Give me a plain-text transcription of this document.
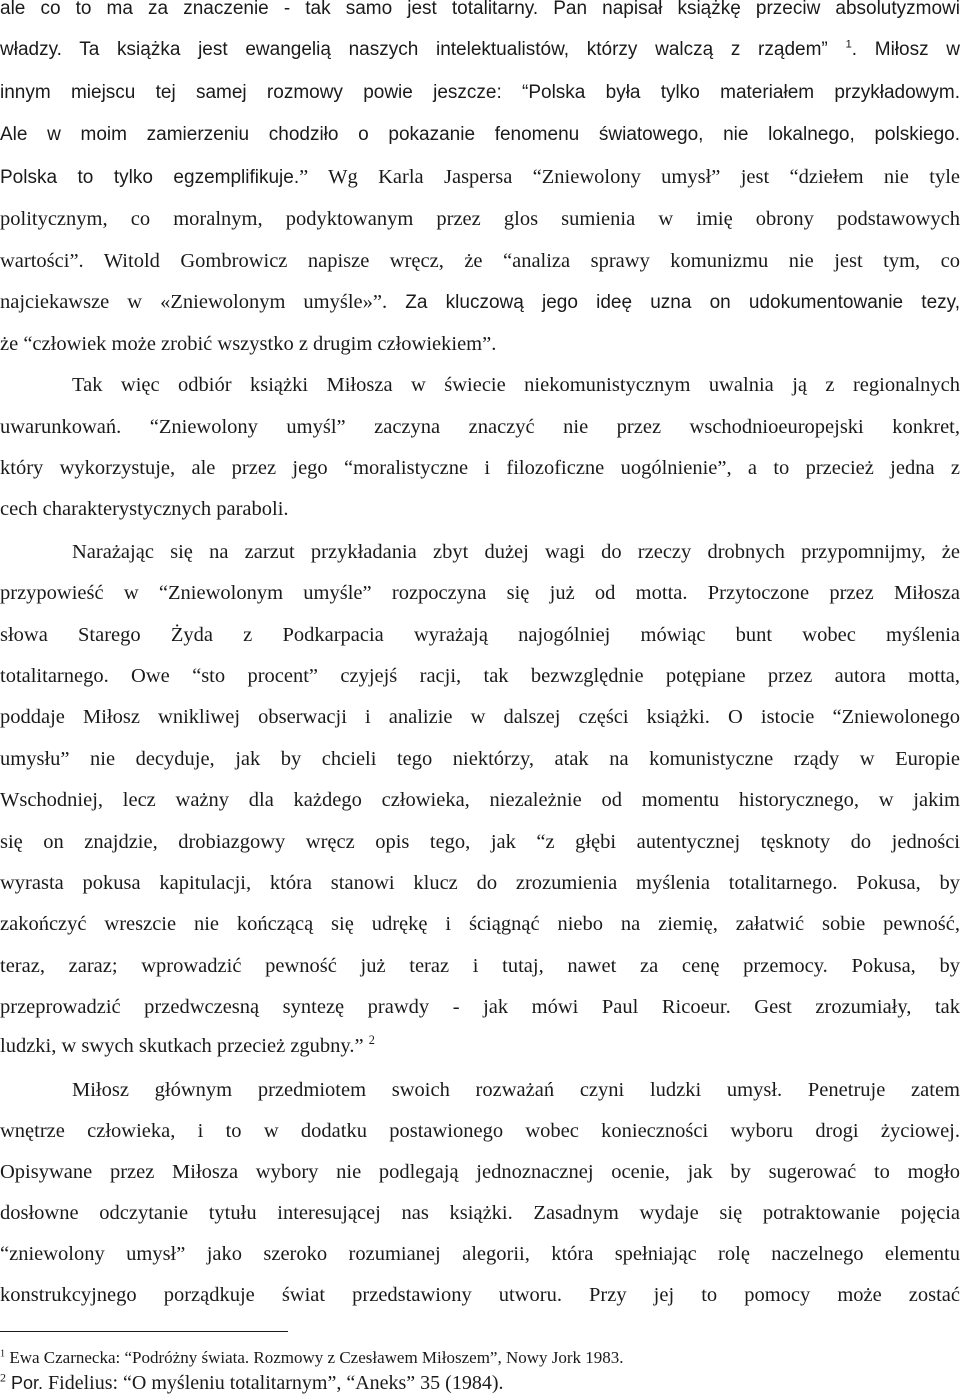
ale co to ma za znaczenie - tak samo jest totalitarny. Pan napisał książkę przeciw absolutyzmowi
władzy. Ta książka jest ewangelią naszych intelektualistów, którzy walczą z rządem” $^1$. Miłosz w
innym miejscu tej samej rozmowy powie jeszcze: “Polska była tylko materiałem przykładowym.
Ale w moim zamierzeniu chodziło o pokazanie fenomenu światowego, nie lokalnego, polskiego.
Polska to tylko egzemplifikuje.” Wg Karla Jaspersa “Zniewolony umysł” jest “dziełem nie tyle
politycznym, co moralnym, podyktowanym przez glos sumienia w imię obrony podstawowych
wartości”. Witold Gombrowicz napisze wręcz, że “analiza sprawy komunizmu nie jest tym, co
najciekawsze w «Zniewolonym umyśle»”. Za kluczową jego ideę uzna on udokumentowanie tezy,
że “człowiek może zrobić wszystko z drugim człowiekiem”.
Tak więc odbiór książki Miłosza w świecie niekomunistycznym uwalnia ją z regionalnych
uwarunkowań. “Zniewolony umyśl” zaczyna znaczyć nie przez wschodnioeuropejski konkret,
który wykorzystuje, ale przez jego “moralistyczne i filozoficzne uogólnienie”, a to przecież jedna z
cech charakterystycznych paraboli.
Narażając się na zarzut przykładania zbyt dużej wagi do rzeczy drobnych przypomnijmy, że
przypowieść w “Zniewolonym umyśle” rozpoczyna się już od motta. Przytoczone przez Miłosza
słowa Starego Żyda z Podkarpacia wyrażają najogólniej mówiąc bunt wobec myślenia
totalitarnego. Owe “sto procent” czyjejś racji, tak bezwzględnie potępiane przez autora motta,
poddaje Miłosz wnikliwej obserwacji i analizie w dalszej części książki. O istocie “Zniewolonego
umysłu” nie decyduje, jak by chcieli tego niektórzy, atak na komunistyczne rządy w Europie
Wschodniej, lecz ważny dla każdego człowieka, niezależnie od momentu historycznego, w jakim
się on znajdzie, drobiazgowy wręcz opis tego, jak “z głębi autentycznej tęsknoty do jedności
wyrasta pokusa kapitulacji, która stanowi klucz do zrozumienia myślenia totalitarnego. Pokusa, by
zakończyć wreszcie nie kończącą się udrękę i ściągnąć niebo na ziemię, załatwić sobie pewność,
teraz, zaraz; wprowadzić pewność już teraz i tutaj, nawet za cenę przemocy. Pokusa, by
przeprowadzić przedwczesną syntezę prawdy - jak mówi Paul Ricoeur. Gest zrozumiały, tak
ludzki, w swych skutkach przecież zgubny.” $^2$
Miłosz głównym przedmiotem swoich rozważań czyni ludzki umysł. Penetruje zatem
wnętrze człowieka, i to w dodatku postawionego wobec konieczności wyboru drogi życiowej.
Opisywane przez Miłosza wybory nie podlegają jednoznacznej ocenie, jak by sugerować to mogło
dosłowne odczytanie tytułu interesującej nas książki. Zasadnym wydaje się potraktowanie pojęcia
“zniewolony umysł” jako szeroko rozumianej alegorii, która spełniając rolę naczelnego elementu
konstrukcyjnego porządkuje świat przedstawiony utworu. Przy jej to pomocy może zostać
$^1$ Ewa Czarnecka: “Podróżny świata. Rozmowy z Czesławem Miłoszem”, Nowy Jork 1983.
$^2$ Por. Fidelius: “O myśleniu totalitarnym”, “Aneks” 35 (1984).
